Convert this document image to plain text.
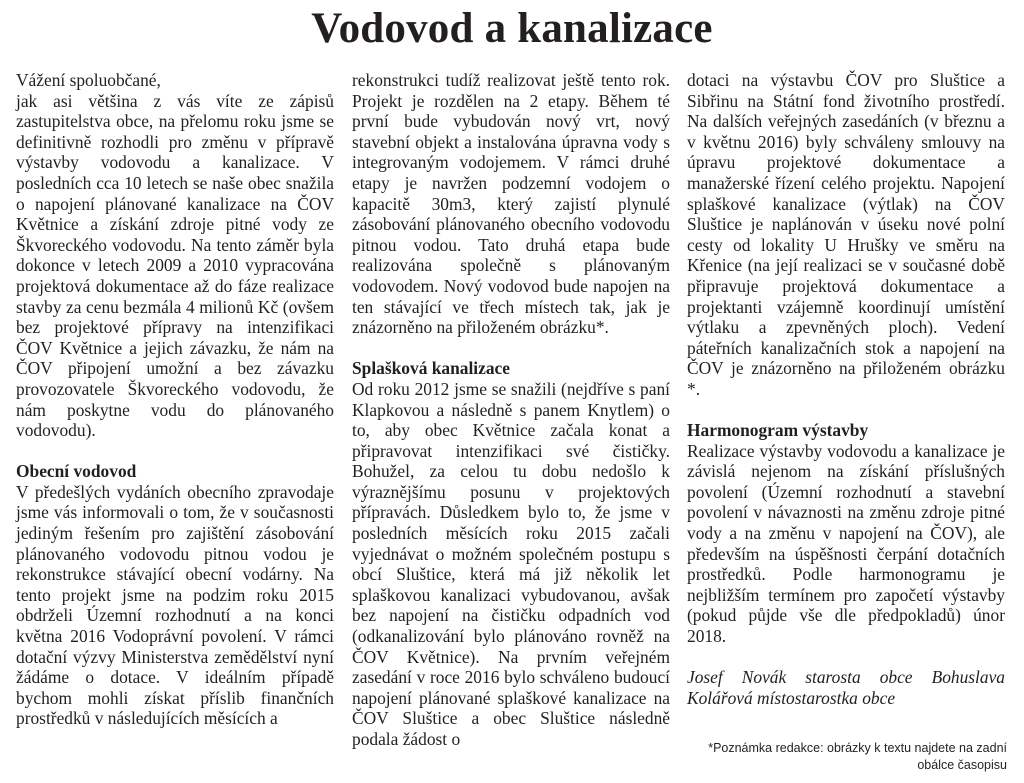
Vodovod a kanalizace

Vážení spoluobčané,

jak asi většina z vás víte ze zápisů zastupitelstva obce, na přelomu roku jsme se definitivně rozhodli pro změnu v přípravě výstavby vodovodu a kanalizace. V posledních cca 10 letech se naše obec snažila o napojení plánované kanalizace na ČOV Květnice a získání zdroje pitné vody ze Škvoreckého vodovodu. Na tento záměr byla dokonce v letech 2009 a 2010 vypracována projektová dokumentace až do fáze realizace stavby za cenu bezmála 4 milionů Kč (ovšem bez projektové přípravy na intenzifikaci ČOV Květnice a jejich závazku, že nám na ČOV připojení umožní a bez závazku provozovatele Škvoreckého vodovodu, že nám poskytne vodu do plánovaného vodovodu).

Obecní vodovod

V předešlých vydáních obecního zpravodaje jsme vás informovali o tom, že v současnosti jediným řešením pro zajištění zásobování plánovaného vodovodu pitnou vodou je rekonstrukce stávající obecní vodárny. Na tento projekt jsme na podzim roku 2015 obdrželi Územní rozhodnutí a na konci května 2016 Vodoprávní povolení. V rámci dotační výzvy Ministerstva zemědělství nyní žádáme o dotace. V ideálním případě bychom mohli získat příslib finančních prostředků v následujících měsících a

rekonstrukci tudíž realizovat ještě tento rok. Projekt je rozdělen na 2 etapy. Během té první bude vybudován nový vrt, nový stavební objekt a instalována úpravna vody s integrovaným vodojemem. V rámci druhé etapy je navržen podzemní vodojem o kapacitě 30m3, který zajistí plynulé zásobování plánovaného obecního vodovodu pitnou vodou. Tato druhá etapa bude realizována společně s plánovaným vodovodem. Nový vodovod bude napojen na ten stávající ve třech místech tak, jak je znázorněno na přiloženém obrázku*.

Splašková kanalizace

Od roku 2012 jsme se snažili (nejdříve s paní Klapkovou a následně s panem Knytlem) o to, aby obec Květnice začala konat a připravovat intenzifikaci své čističky. Bohužel, za celou tu dobu nedošlo k výraznějšímu posunu v projektových přípravách. Důsledkem bylo to, že jsme v posledních měsících roku 2015 začali vyjednávat o možném společném postupu s obcí Sluštice, která má již několik let splaškovou kanalizaci vybudovanou, avšak bez napojení na čističku odpadních vod (odkanalizování bylo plánováno rovněž na ČOV Květnice). Na prvním veřejném zasedání v roce 2016 bylo schváleno budoucí napojení plánované splaškové kanalizace na ČOV Sluštice a obec Sluštice následně podala žádost o

dotaci na výstavbu ČOV pro Sluštice a Sibřinu na Státní fond životního prostředí. Na dalších veřejných zasedáních (v březnu a v květnu 2016) byly schváleny smlouvy na úpravu projektové dokumentace a manažerské řízení celého projektu. Napojení splaškové kanalizace (výtlak) na ČOV Sluštice je naplánován v úseku nové polní cesty od lokality U Hrušky ve směru na Křenice (na její realizaci se v současné době připravuje projektová dokumentace a projektanti vzájemně koordinují umístění výtlaku a zpevněných ploch). Vedení páteřních kanalizačních stok a napojení na ČOV je znázorněno na přiloženém obrázku *.

Harmonogram výstavby

Realizace výstavby vodovodu a kanalizace je závislá nejenom na získání příslušných povolení (Územní rozhodnutí a stavební povolení v návaznosti na změnu zdroje pitné vody a na změnu v napojení na ČOV), ale především na úspěšnosti čerpání dotačních prostředků. Podle harmonogramu je nejbližším termínem pro započetí výstavby (pokud půjde vše dle předpokladů) únor 2018.

Josef Novák starosta obce Bohuslava Kolářová místostarostka obce

*Poznámka redakce: obrázky k textu najdete na zadní obálce časopisu
